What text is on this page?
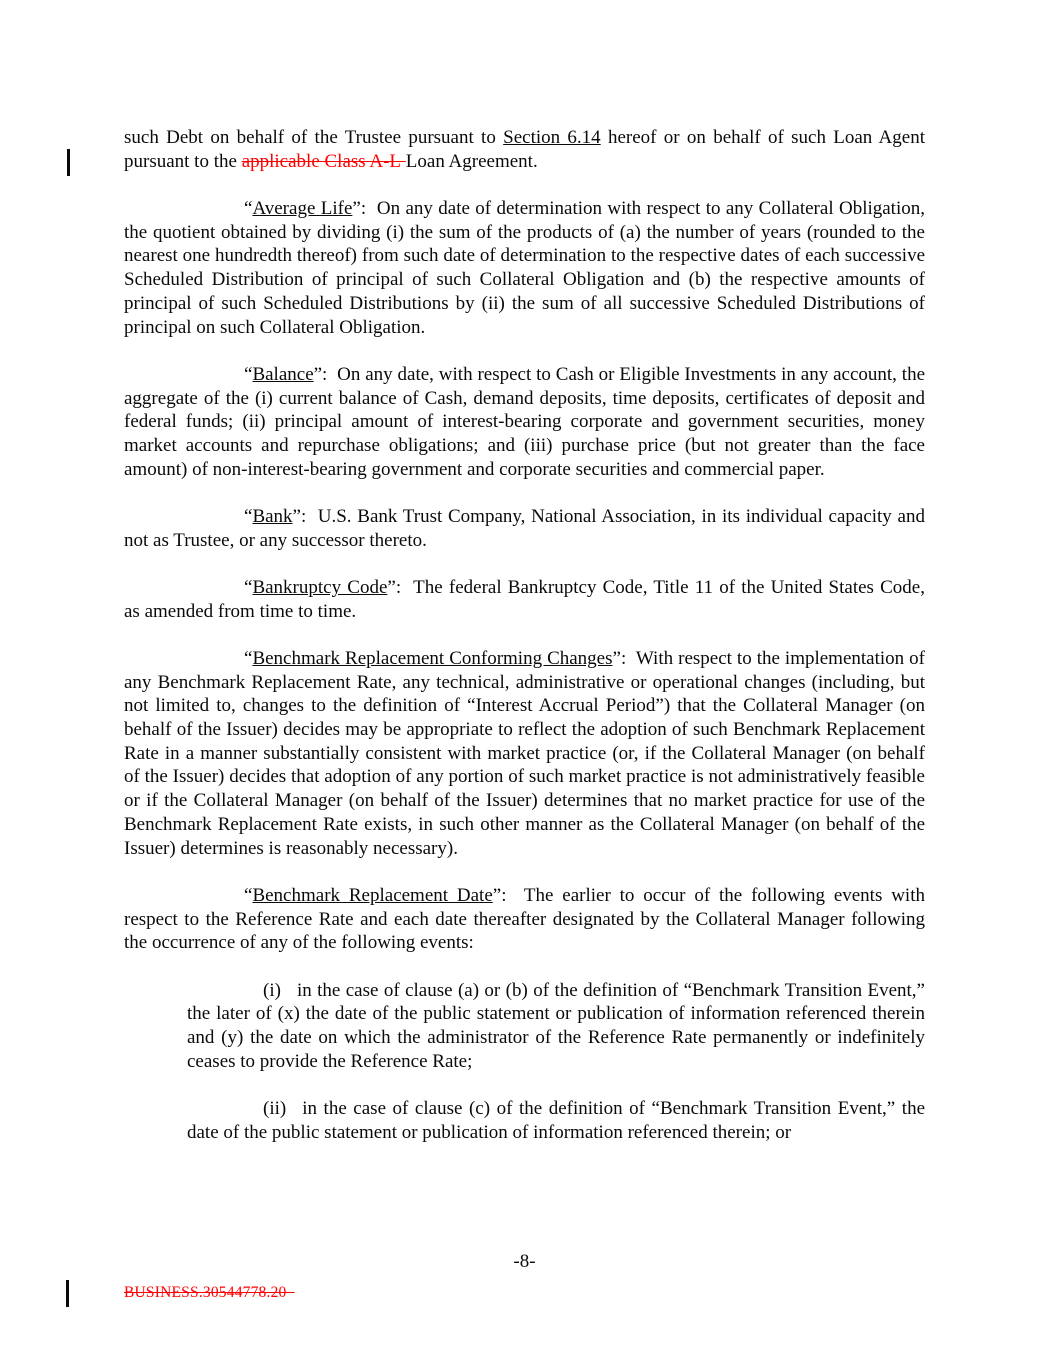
such Debt on behalf of the Trustee pursuant to Section 6.14 hereof or on behalf of such Loan Agent pursuant to the applicable Class A-L Loan Agreement.

“Average Life”:  On any date of determination with respect to any Collateral Obligation, the quotient obtained by dividing (i) the sum of the products of (a) the number of years (rounded to the nearest one hundredth thereof) from such date of determination to the respective dates of each successive Scheduled Distribution of principal of such Collateral Obligation and (b) the respective amounts of principal of such Scheduled Distributions by (ii) the sum of all successive Scheduled Distributions of principal on such Collateral Obligation.

“Balance”:  On any date, with respect to Cash or Eligible Investments in any account, the aggregate of the (i) current balance of Cash, demand deposits, time deposits, certificates of deposit and federal funds; (ii) principal amount of interest-bearing corporate and government securities, money market accounts and repurchase obligations; and (iii) purchase price (but not greater than the face amount) of non-interest-bearing government and corporate securities and commercial paper.

“Bank”:  U.S. Bank Trust Company, National Association, in its individual capacity and not as Trustee, or any successor thereto.

“Bankruptcy Code”:  The federal Bankruptcy Code, Title 11 of the United States Code, as amended from time to time.

“Benchmark Replacement Conforming Changes”:  With respect to the implementation of any Benchmark Replacement Rate, any technical, administrative or operational changes (including, but not limited to, changes to the definition of “Interest Accrual Period”) that the Collateral Manager (on behalf of the Issuer) decides may be appropriate to reflect the adoption of such Benchmark Replacement Rate in a manner substantially consistent with market practice (or, if the Collateral Manager (on behalf of the Issuer) decides that adoption of any portion of such market practice is not administratively feasible or if the Collateral Manager (on behalf of the Issuer) determines that no market practice for use of the Benchmark Replacement Rate exists, in such other manner as the Collateral Manager (on behalf of the Issuer) determines is reasonably necessary).

“Benchmark Replacement Date”:  The earlier to occur of the following events with respect to the Reference Rate and each date thereafter designated by the Collateral Manager following the occurrence of any of the following events:

(i) in the case of clause (a) or (b) of the definition of “Benchmark Transition Event,” the later of (x) the date of the public statement or publication of information referenced therein and (y) the date on which the administrator of the Reference Rate permanently or indefinitely ceases to provide the Reference Rate;

(ii) in the case of clause (c) of the definition of “Benchmark Transition Event,” the date of the public statement or publication of information referenced therein; or

-8-
BUSINESS.30544778.20
